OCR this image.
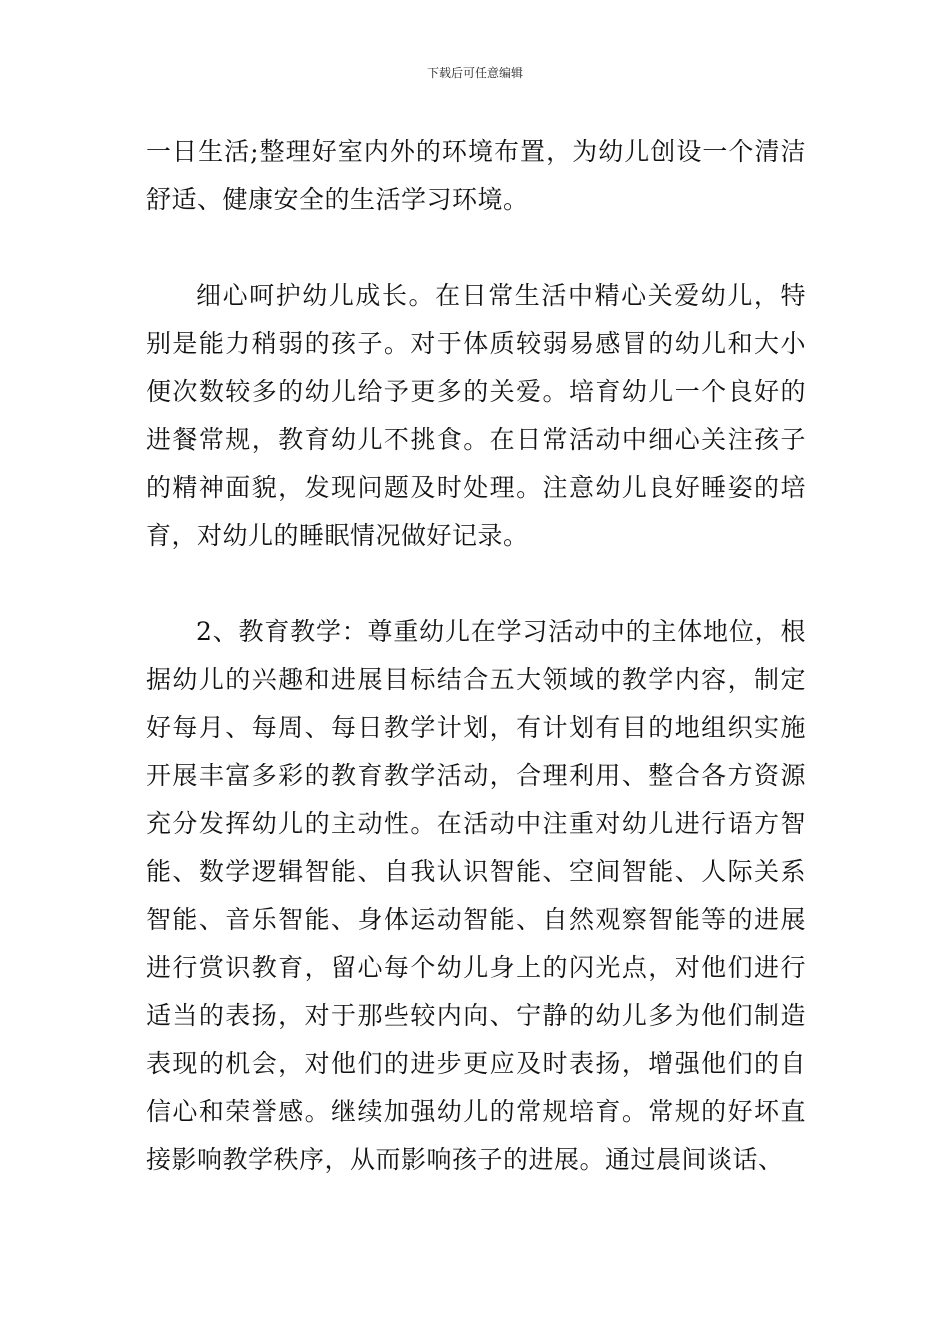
下载后可任意编辑

一日生活;整理好室内外的环境布置，为幼儿创设一个清洁舒适、健康安全的生活学习环境。

细心呵护幼儿成长。在日常生活中精心关爱幼儿，特别是能力稍弱的孩子。对于体质较弱易感冒的幼儿和大小便次数较多的幼儿给予更多的关爱。培育幼儿一个良好的进餐常规，教育幼儿不挑食。在日常活动中细心关注孩子的精神面貌，发现问题及时处理。注意幼儿良好睡姿的培育，对幼儿的睡眠情况做好记录。

2、教育教学：尊重幼儿在学习活动中的主体地位，根据幼儿的兴趣和进展目标结合五大领域的教学内容，制定好每月、每周、每日教学计划，有计划有目的地组织实施开展丰富多彩的教育教学活动，合理利用、整合各方资源充分发挥幼儿的主动性。在活动中注重对幼儿进行语方智能、数学逻辑智能、自我认识智能、空间智能、人际关系智能、音乐智能、身体运动智能、自然观察智能等的进展进行赏识教育，留心每个幼儿身上的闪光点，对他们进行适当的表扬，对于那些较内向、宁静的幼儿多为他们制造表现的机会，对他们的进步更应及时表扬，增强他们的自信心和荣誉感。继续加强幼儿的常规培育。常规的好坏直接影响教学秩序，从而影响孩子的进展。通过晨间谈话、
